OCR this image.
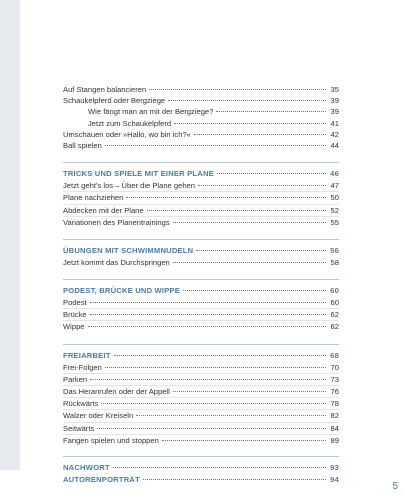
Auf Stangen balancieren	35
Schaukelpferd oder Bergziege	39
Wie fängt man an mit der Bergziege?	39
Jetzt zum Schaukelpferd	41
Umschauen oder »Hallo, wo bin ich?«	42
Ball spielen	44
TRICKS UND SPIELE MIT EINER PLANE	46
Jetzt geht’s los – Über die Plane gehen	47
Plane nachziehen	50
Abdecken mit der Plane	52
Variationen des Planentrainings	55
ÜBUNGEN MIT SCHWIMMNUDELN	56
Jetzt kommt das Durchspringen	58
PODEST, BRÜCKE UND WIPPE	60
Podest	60
Brücke	62
Wippe	62
FREIARBEIT	68
Frei-Folgen	70
Parken	73
Das Heranrufen oder der Appell	76
Rückwärts	78
Walzer oder Kreiseln	82
Seitwärts	84
Fangen spielen und stoppen	89
NACHWORT	93
AUTORENPORTRÄT	94
5
